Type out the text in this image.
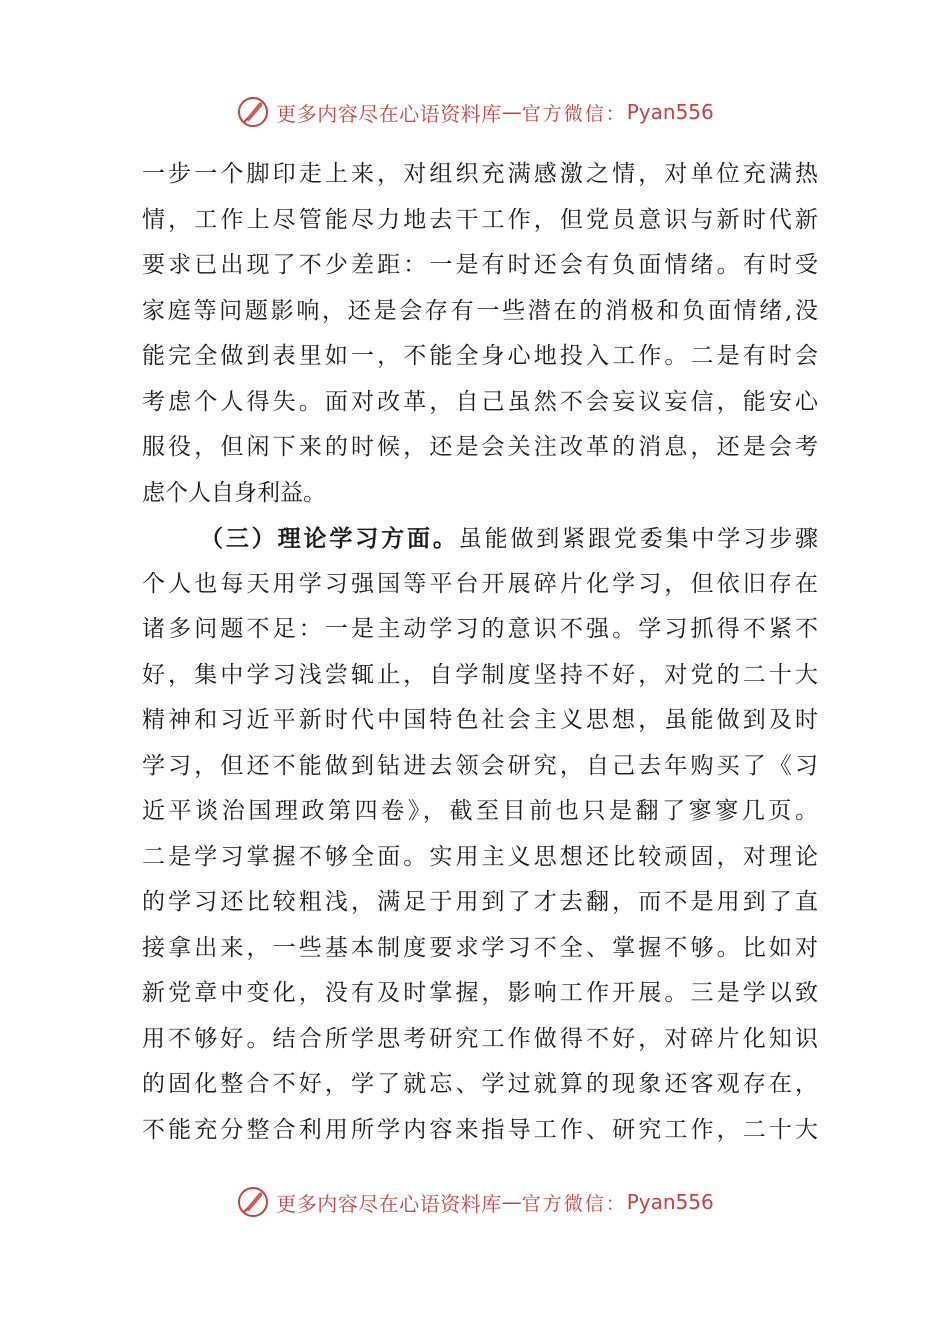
更多内容尽在心语资料库 — 官方微信： Pyan556
一步一个脚印走上来，对组织充满感激之情，对单位充满热
情，工作上尽管能尽力地去干工作，但党员意识与新时代新
要求已出现了不少差距：一是有时还会有负面情绪。有时受
家庭等问题影响，还是会存有一些潜在的消极和负面情绪,没
能完全做到表里如一，不能全身心地投入工作。二是有时会
考虑个人得失。面对改革，自己虽然不会妄议妄信，能安心
服役，但闲下来的时候，还是会关注改革的消息，还是会考
虑个人自身利益。
（三）理论学习方面。虽能做到紧跟党委集中学习步骤
个人也每天用学习强国等平台开展碎片化学习，但依旧存在
诸多问题不足：一是主动学习的意识不强。学习抓得不紧不
好，集中学习浅尝辄止，自学制度坚持不好，对党的二十大
精神和习近平新时代中国特色社会主义思想，虽能做到及时
学习，但还不能做到钻进去领会研究，自己去年购买了《习
近平谈治国理政第四卷》，截至目前也只是翻了寥寥几页。
二是学习掌握不够全面。实用主义思想还比较顽固，对理论
的学习还比较粗浅，满足于用到了才去翻，而不是用到了直
接拿出来，一些基本制度要求学习不全、掌握不够。比如对
新党章中变化，没有及时掌握，影响工作开展。三是学以致
用不够好。结合所学思考研究工作做得不好，对碎片化知识
的固化整合不好，学了就忘、学过就算的现象还客观存在，
不能充分整合利用所学内容来指导工作、研究工作，二十大
更多内容尽在心语资料库 — 官方微信： Pyan556
